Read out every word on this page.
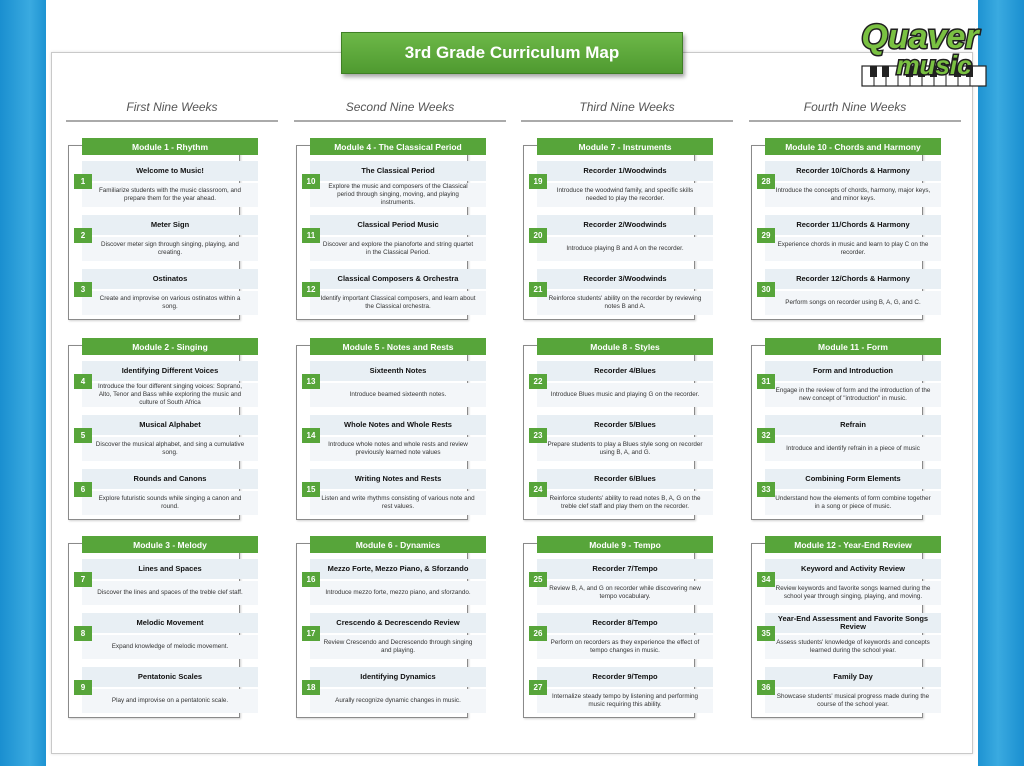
3rd Grade Curriculum Map
First Nine Weeks
Module 1 - Rhythm
Welcome to Music!
Familiarize students with the music classroom, and prepare them for the year ahead.
1
Meter Sign
Discover meter sign through singing, playing, and creating.
2
Ostinatos
Create and improvise on various ostinatos within a song.
3
Module 2 - Singing
Identifying Different Voices
Introduce the four different singing voices: Soprano, Alto, Tenor and Bass while exploring the music and culture of South Africa
4
Musical Alphabet
Discover the musical alphabet, and sing a cumulative song.
5
Rounds and Canons
Explore futuristic sounds while singing a canon and round.
6
Module 3 - Melody
Lines and Spaces
Discover the lines and spaces of the treble clef staff.
7
Melodic Movement
Expand knowledge of melodic movement.
8
Pentatonic Scales
Play and improvise on a pentatonic scale.
9
Second Nine Weeks
Module 4 - The Classical Period
The Classical Period
Explore the music and composers of the Classical period through singing, moving, and playing instruments.
10
Classical Period Music
Discover and explore the pianoforte and string quartet in the Classical Period.
11
Classical Composers & Orchestra
Identify important Classical composers, and learn about the Classical orchestra.
12
Module 5 - Notes and Rests
Sixteenth Notes
Introduce beamed sixteenth notes.
13
Whole Notes and Whole Rests
Introduce whole notes and whole rests and review previously learned note values
14
Writing Notes and Rests
Listen and write rhythms consisting of various note and rest values.
15
Module 6 - Dynamics
Mezzo Forte, Mezzo Piano, & Sforzando
Introduce mezzo forte, mezzo piano, and sforzando.
16
Crescendo & Decrescendo Review
Review Crescendo and Decrescendo through singing and playing.
17
Identifying Dynamics
Aurally recognize dynamic changes in music.
18
Third Nine Weeks
Module 7 - Instruments
Recorder 1/Woodwinds
Introduce the woodwind family, and specific skills needed to play the recorder.
19
Recorder 2/Woodwinds
Introduce playing B and A on the recorder.
20
Recorder 3/Woodwinds
Reinforce students' ability on the recorder by reviewing notes B and A.
21
Module 8 - Styles
Recorder 4/Blues
Introduce Blues music and playing G on the recorder.
22
Recorder 5/Blues
Prepare students to play a Blues style song on recorder using B, A, and G.
23
Recorder 6/Blues
Reinforce students' ability to read notes B, A, G on the treble clef staff and play them on the recorder.
24
Module 9 - Tempo
Recorder 7/Tempo
Review B, A, and G on recorder while discovering new tempo vocabulary.
25
Recorder 8/Tempo
Perform on recorders as they experience the effect of tempo changes in music.
26
Recorder 9/Tempo
Internalize steady tempo by listening and performing music requiring this ability.
27
Fourth Nine Weeks
Module 10 - Chords and Harmony
Recorder 10/Chords & Harmony
Introduce the concepts of chords, harmony, major keys, and minor keys.
28
Recorder 11/Chords & Harmony
Experience chords in music and learn to play C on the recorder.
29
Recorder 12/Chords & Harmony
Perform songs on recorder using B, A, G, and C.
30
Module 11 - Form
Form and Introduction
Engage in the review of form and the introduction of the new concept of "introduction" in music.
31
Refrain
Introduce and identify refrain in a piece of music
32
Combining Form Elements
Understand how the elements of form combine together in a song or piece of music.
33
Module 12 - Year-End Review
Keyword and Activity Review
Review keywords and favorite songs learned during the school year through singing, playing, and moving.
34
Year-End Assessment and Favorite Songs Review
Assess students' knowledge of keywords and concepts learned during the school year.
35
Family Day
Showcase students' musical progress made during the course of the school year.
36
Quaver
music
